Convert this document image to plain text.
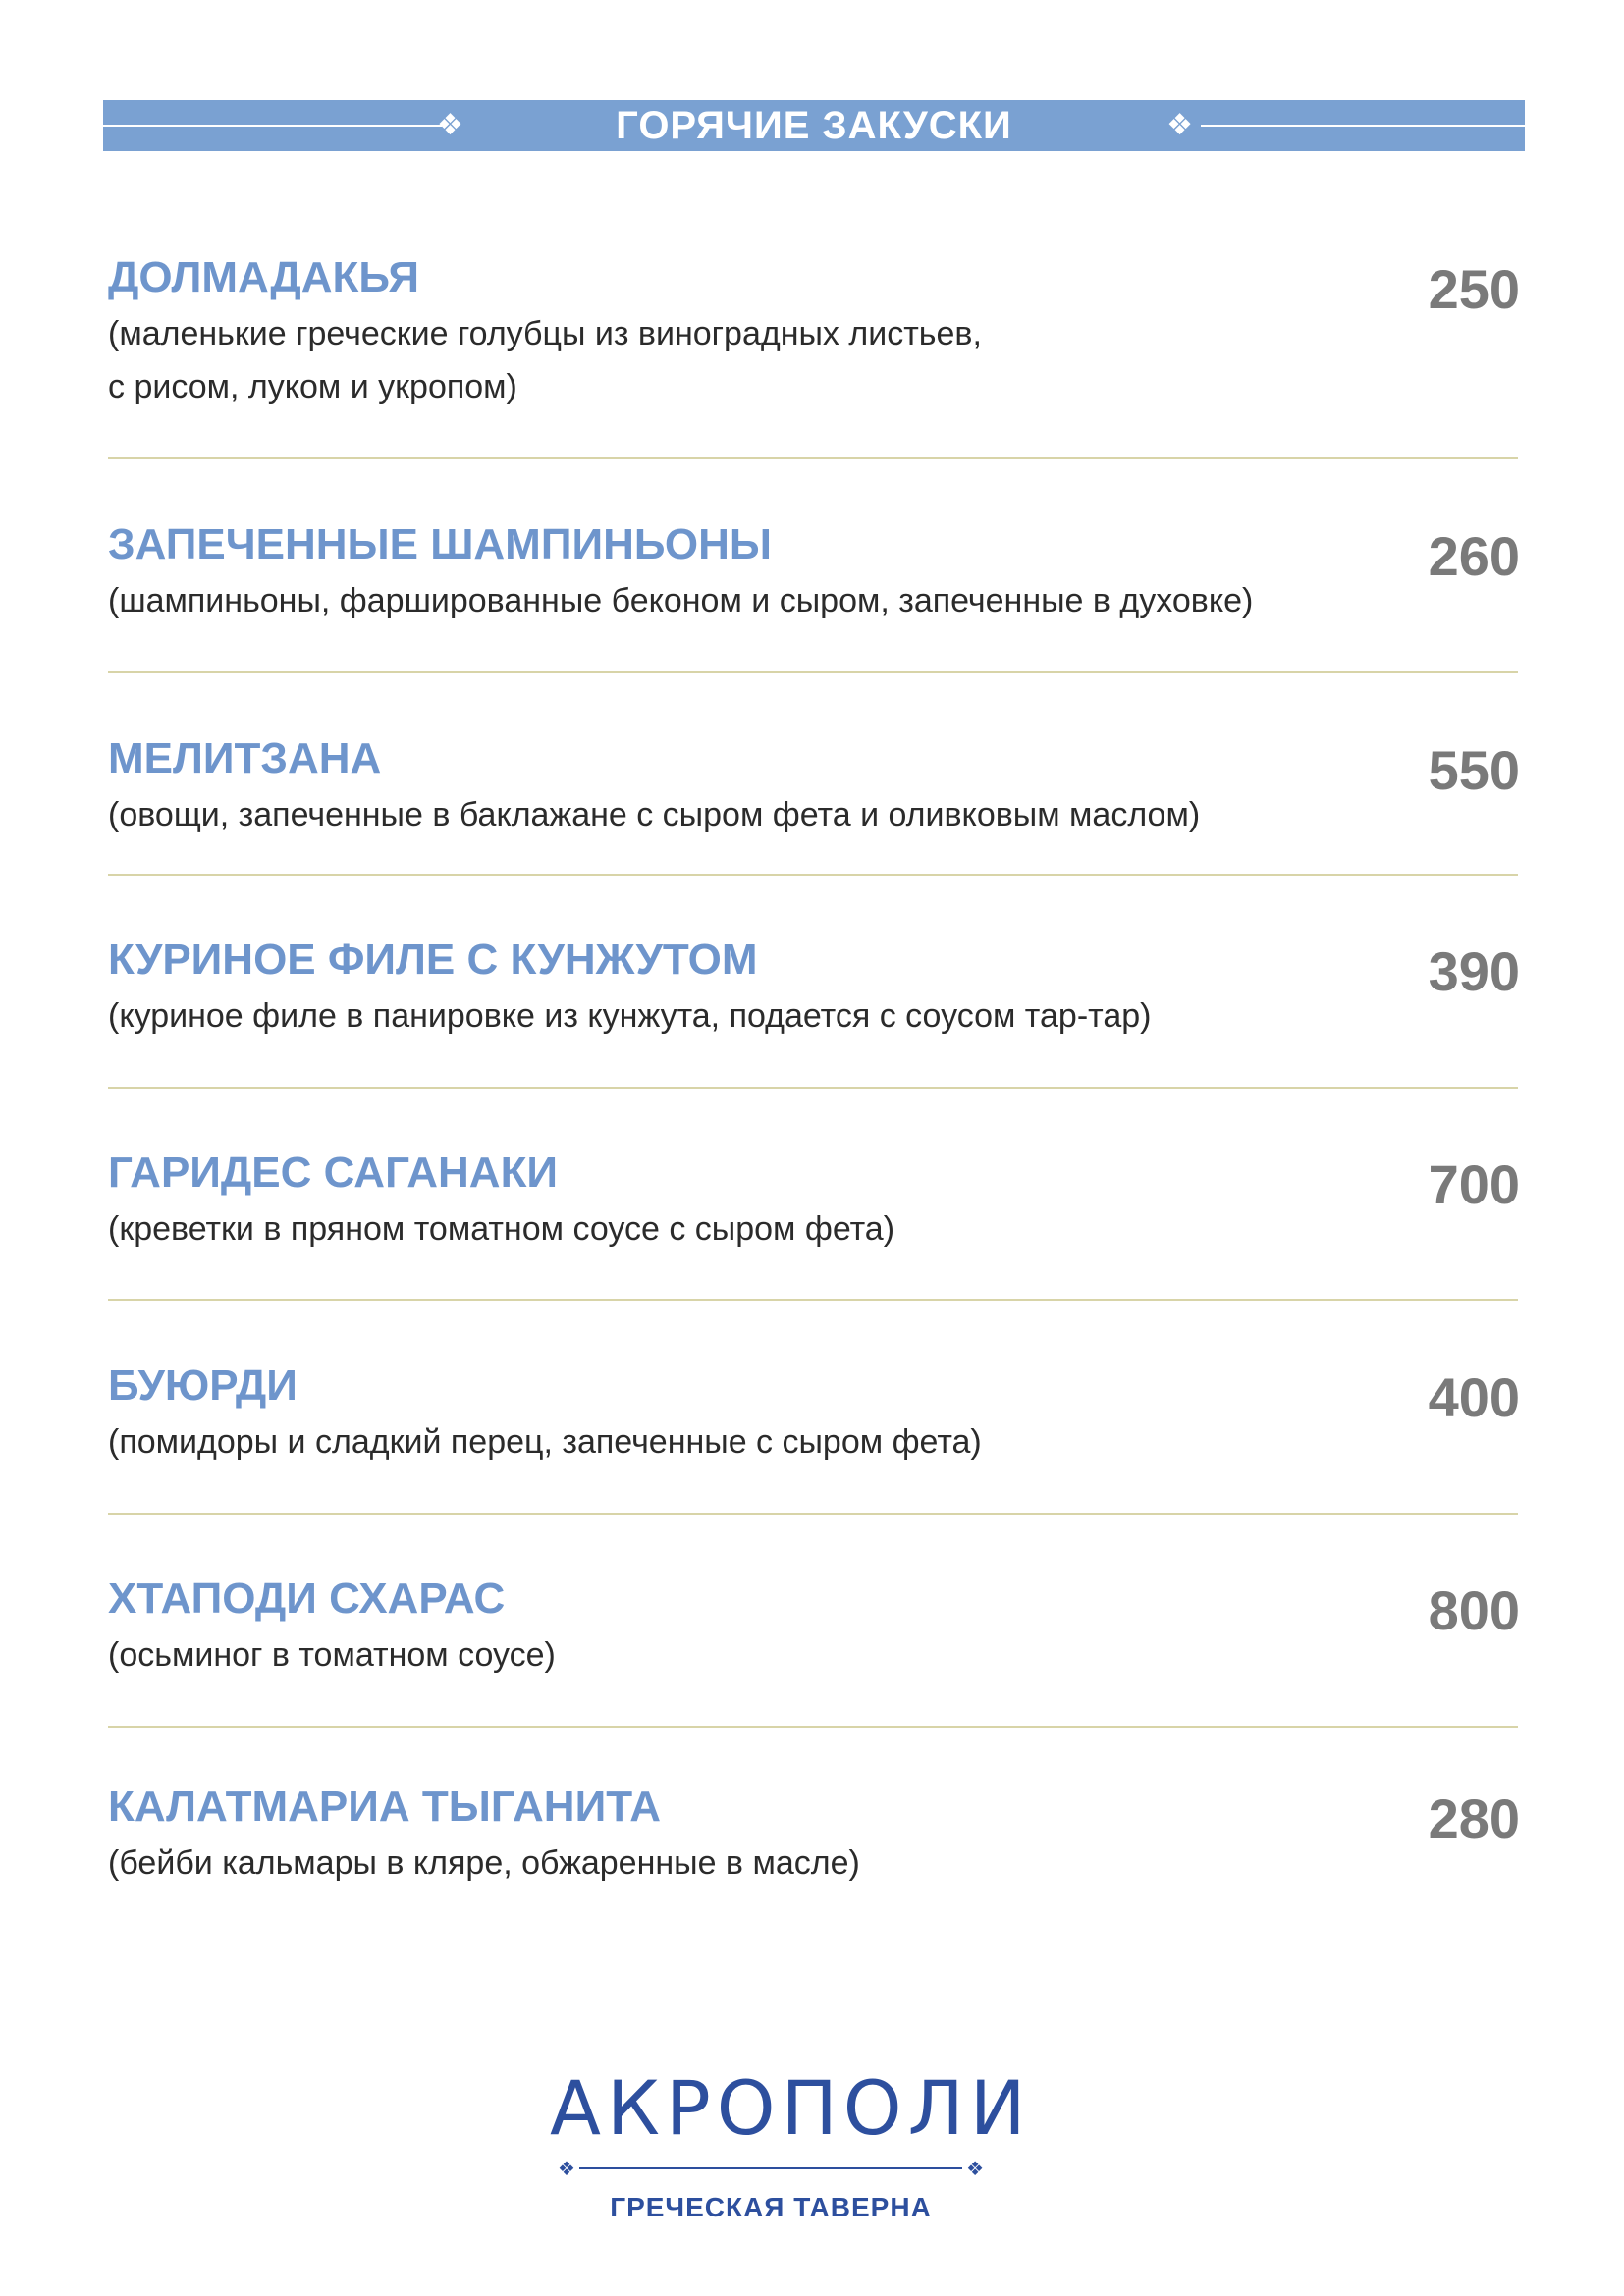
❖	ГОРЯЧИЕ ЗАКУСКИ	❖
ДОЛМАДАКЬЯ
(маленькие греческие голубцы из виноградных листьев,
с рисом, луком и укропом)
250
ЗАПЕЧЕННЫЕ ШАМПИНЬОНЫ
(шампиньоны, фаршированные беконом и сыром, запеченные в духовке)
260
МЕЛИТЗАНА
(овощи, запеченные в баклажане с сыром фета и оливковым маслом)
550
КУРИНОЕ ФИЛЕ С КУНЖУТОМ
(куриное филе в панировке из кунжута, подается с соусом тар-тар)
390
ГАРИДЕС САГАНАКИ
(креветки в пряном томатном соусе с сыром фета)
700
БУЮРДИ
(помидоры и сладкий перец, запеченные с сыром фета)
400
ХТАПОДИ СХАРАС
(осьминог в томатном соусе)
800
КАЛАТМАРИА ТЫГАНИТА
(бейби кальмары в кляре, обжаренные в масле)
280
АКРОПОЛИ
❖	❖
ГРЕЧЕСКАЯ ТАВЕРНА
